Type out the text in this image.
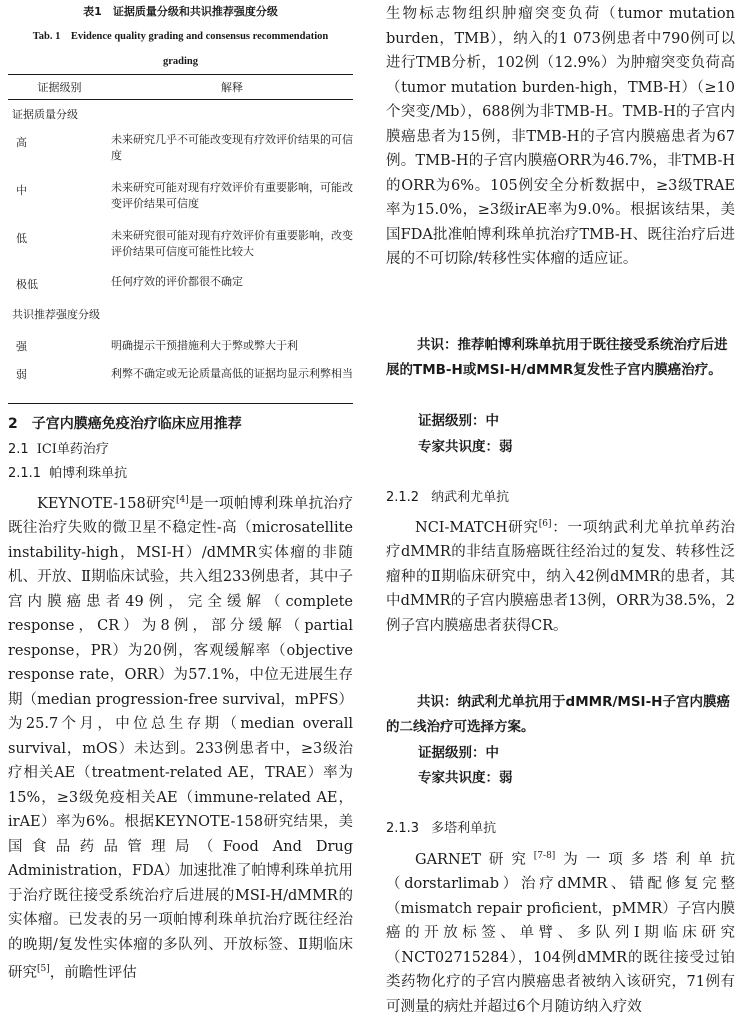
表1　证据质量分级和共识推荐强度分级
Tab. 1　Evidence quality grading and consensus recommendation
grading
证据级别	解释
证据质量分级	
高	未来研究几乎不可能改变现有疗效评价结果的可信度
中	未来研究可能对现有疗效评价有重要影响，可能改变评价结果可信度
低	未来研究很可能对现有疗效评价有重要影响，改变评价结果可信度可能性比较大
极低	任何疗效的评价都很不确定
共识推荐强度分级	
强	明确提示干预措施利大于弊或弊大于利
弱	利弊不确定或无论质量高低的证据均显示利弊相当
2　子宫内膜癌免疫治疗临床应用推荐
2.1 ICI单药治疗
2.1.1 帕博利珠单抗
KEYNOTE-158研究[4]是一项帕博利珠单抗治疗既往治疗失败的微卫星不稳定性-高（microsatellite instability-high，MSI-H）/dMMR实体瘤的非随机、开放、Ⅱ期临床试验，共入组233例患者，其中子宫内膜癌患者49例，完全缓解（complete response，CR）为8例，部分缓解（partial response，PR）为20例，客观缓解率（objective response rate，ORR）为57.1%，中位无进展生存期（median progression-free survival，mPFS）为25.7个月，中位总生存期（median overall survival，mOS）未达到。233例患者中，≥3级治疗相关AE（treatment-related AE，TRAE）率为15%，≥3级免疫相关AE（immune-related AE，irAE）率为6%。根据KEYNOTE-158研究结果，美国食品药品管理局（Food And Drug Administration，FDA）加速批准了帕博利珠单抗用于治疗既往接受系统治疗后进展的MSI-H/dMMR的实体瘤。已发表的另一项帕博利珠单抗治疗既往经治的晚期/复发性实体瘤的多队列、开放标签、Ⅱ期临床研究[5]，前瞻性评估
生物标志物组织肿瘤突变负荷（tumor mutation burden，TMB），纳入的1 073例患者中790例可以进行TMB分析，102例（12.9%）为肿瘤突变负荷高（tumor mutation burden-high，TMB-H）（≥10个突变/Mb），688例为非TMB-H。TMB-H的子宫内膜癌患者为15例，非TMB-H的子宫内膜癌患者为67例。TMB-H的子宫内膜癌ORR为46.7%，非TMB-H的ORR为6%。105例安全分析数据中，≥3级TRAE率为15.0%，≥3级irAE率为9.0%。根据该结果，美国FDA批准帕博利珠单抗治疗TMB-H、既往治疗后进展的不可切除/转移性实体瘤的适应证。
共识：推荐帕博利珠单抗用于既往接受系统治疗后进展的TMB-H或MSI-H/dMMR复发性子宫内膜癌治疗。
证据级别：中
专家共识度：弱
2.1.2 纳武利尤单抗
NCI-MATCH研究[6]：一项纳武利尤单抗单药治疗dMMR的非结直肠癌既往经治过的复发、转移性泛瘤种的Ⅱ期临床研究中，纳入42例dMMR的患者，其中dMMR的子宫内膜癌患者13例，ORR为38.5%，2例子宫内膜癌患者获得CR。
共识：纳武利尤单抗用于dMMR/MSI-H子宫内膜癌的二线治疗可选择方案。
证据级别：中
专家共识度：弱
2.1.3 多塔利单抗
GARNET研究[7-8]为一项多塔利单抗（dorstarlimab）治疗dMMR、错配修复完整（mismatch repair proficient，pMMR）子宫内膜癌的开放标签、单臂、多队列Ⅰ期临床研究（NCT02715284），104例dMMR的既往接受过铂类药物化疗的子宫内膜癌患者被纳入该研究，71例有可测量的病灶并超过6个月随访纳入疗效
